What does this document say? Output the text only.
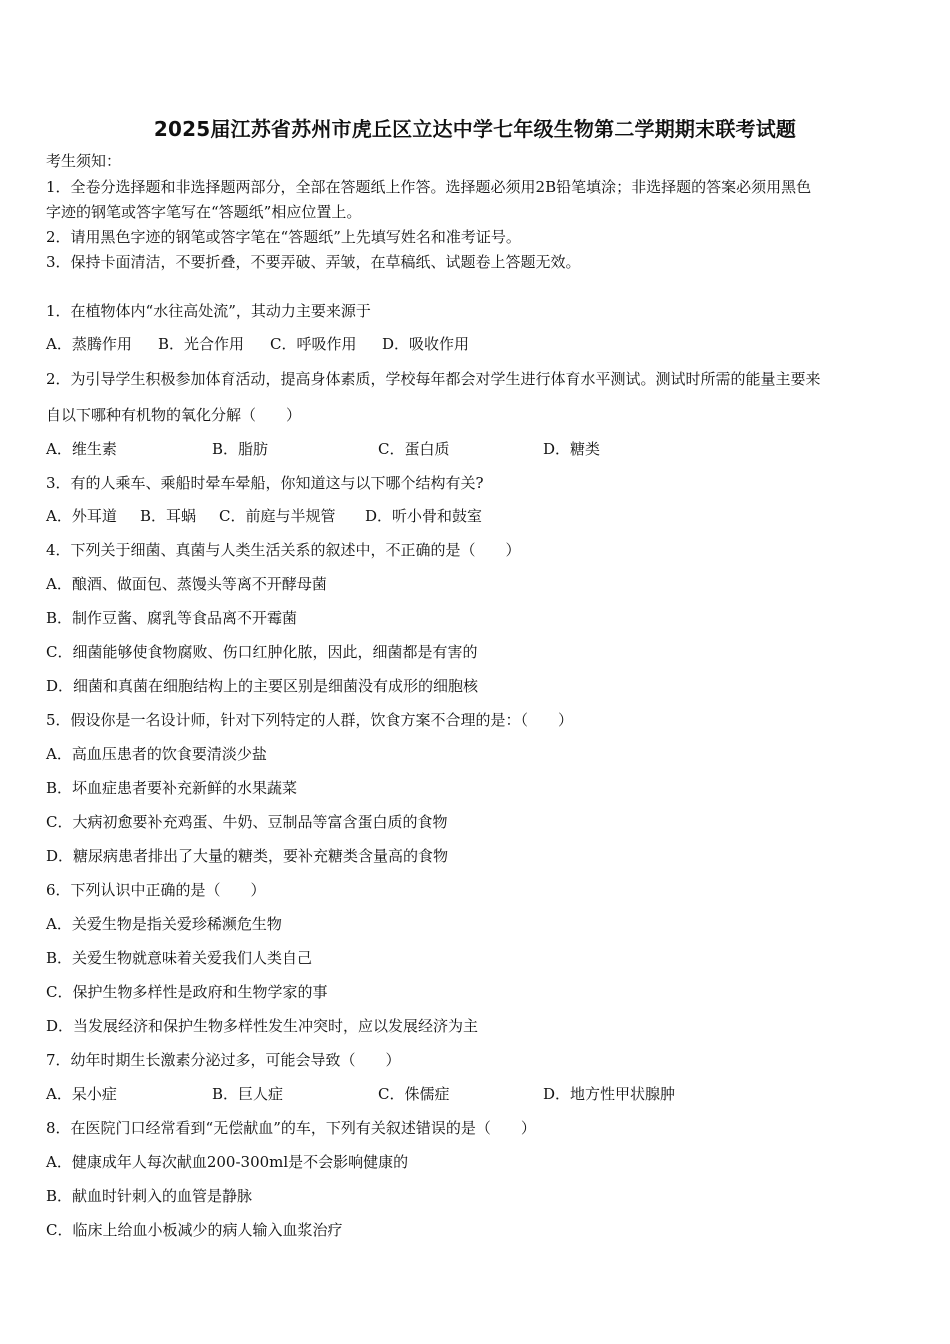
2025届江苏省苏州市虎丘区立达中学七年级生物第二学期期末联考试题
考生须知：
1．全卷分选择题和非选择题两部分，全部在答题纸上作答。选择题必须用2B铅笔填涂；非选择题的答案必须用黑色
字迹的钢笔或答字笔写在“答题纸”相应位置上。
2．请用黑色字迹的钢笔或答字笔在“答题纸”上先填写姓名和准考证号。
3．保持卡面清洁，不要折叠，不要弄破、弄皱，在草稿纸、试题卷上答题无效。
1．在植物体内“水往高处流”，其动力主要来源于
A．蒸腾作用 B．光合作用 C．呼吸作用 D．吸收作用
2．为引导学生积极参加体育活动，提高身体素质，学校每年都会对学生进行体育水平测试。测试时所需的能量主要来
自以下哪种有机物的氧化分解（　　）
A．维生素	B．脂肪	C．蛋白质	D．糖类
3．有的人乘车、乘船时晕车晕船，你知道这与以下哪个结构有关?
A．外耳道 B．耳蜗 C．前庭与半规管 D．听小骨和鼓室
4．下列关于细菌、真菌与人类生活关系的叙述中，不正确的是（　　）
A．酿酒、做面包、蒸馒头等离不开酵母菌
B．制作豆酱、腐乳等食品离不开霉菌
C．细菌能够使食物腐败、伤口红肿化脓，因此，细菌都是有害的
D．细菌和真菌在细胞结构上的主要区别是细菌没有成形的细胞核
5．假设你是一名设计师，针对下列特定的人群，饮食方案不合理的是：（　　）
A．高血压患者的饮食要清淡少盐
B．坏血症患者要补充新鲜的水果蔬菜
C．大病初愈要补充鸡蛋、牛奶、豆制品等富含蛋白质的食物
D．糖尿病患者排出了大量的糖类，要补充糖类含量高的食物
6．下列认识中正确的是（　　）
A．关爱生物是指关爱珍稀濒危生物
B．关爱生物就意味着关爱我们人类自己
C．保护生物多样性是政府和生物学家的事
D．当发展经济和保护生物多样性发生冲突时，应以发展经济为主
7．幼年时期生长激素分泌过多，可能会导致（　　）
A．呆小症	B．巨人症	C．侏儒症	D．地方性甲状腺肿
8．在医院门口经常看到“无偿献血”的车，下列有关叙述错误的是（　　）
A．健康成年人每次献血200-300ml是不会影响健康的
B．献血时针刺入的血管是静脉
C．临床上给血小板减少的病人输入血浆治疗
